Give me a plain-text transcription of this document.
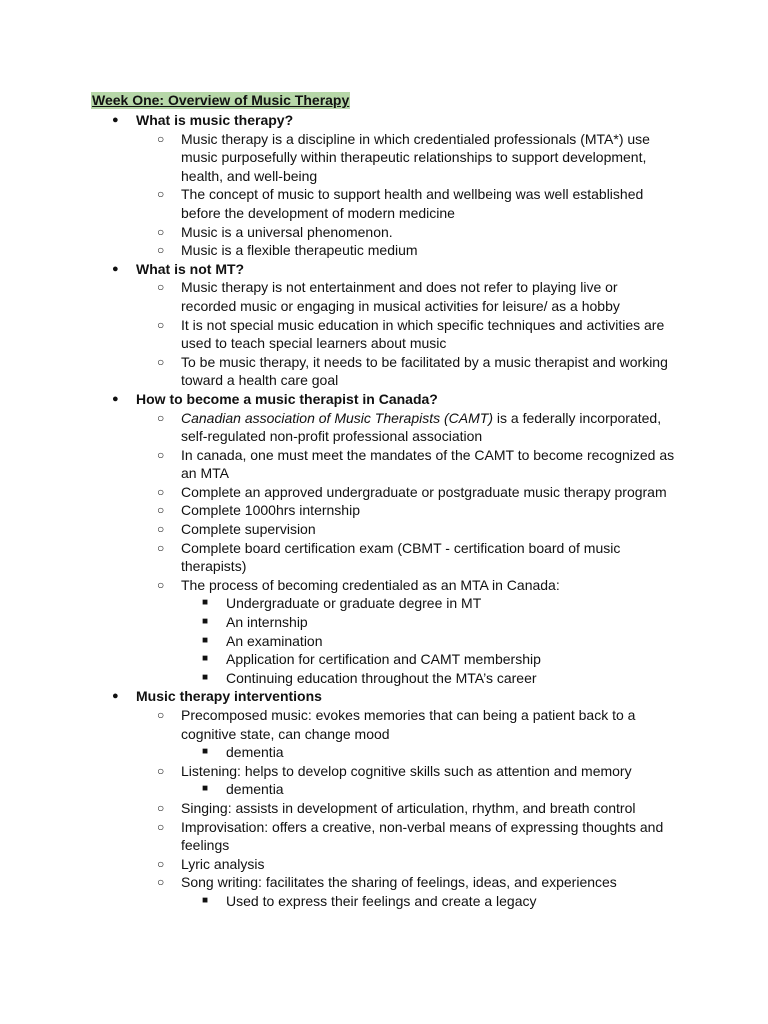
Week One: Overview of Music Therapy
● What is music therapy?
○ Music therapy is a discipline in which credentialed professionals (MTA*) use music purposefully within therapeutic relationships to support development, health, and well-being
○ The concept of music to support health and wellbeing was well established before the development of modern medicine
○ Music is a universal phenomenon.
○ Music is a flexible therapeutic medium
● What is not MT?
○ Music therapy is not entertainment and does not refer to playing live or recorded music or engaging in musical activities for leisure/ as a hobby
○ It is not special music education in which specific techniques and activities are used to teach special learners about music
○ To be music therapy, it needs to be facilitated by a music therapist and working toward a health care goal
● How to become a music therapist in Canada?
○ Canadian association of Music Therapists (CAMT) is a federally incorporated, self-regulated non-profit professional association
○ In canada, one must meet the mandates of the CAMT to become recognized as an MTA
○ Complete an approved undergraduate or postgraduate music therapy program
○ Complete 1000hrs internship
○ Complete supervision
○ Complete board certification exam (CBMT - certification board of music therapists)
○ The process of becoming credentialed as an MTA in Canada:
■ Undergraduate or graduate degree in MT
■ An internship
■ An examination
■ Application for certification and CAMT membership
■ Continuing education throughout the MTA’s career
● Music therapy interventions
○ Precomposed music: evokes memories that can being a patient back to a cognitive state, can change mood
■ dementia
○ Listening: helps to develop cognitive skills such as attention and memory
■ dementia
○ Singing: assists in development of articulation, rhythm, and breath control
○ Improvisation: offers a creative, non-verbal means of expressing thoughts and feelings
○ Lyric analysis
○ Song writing: facilitates the sharing of feelings, ideas, and experiences
■ Used to express their feelings and create a legacy
